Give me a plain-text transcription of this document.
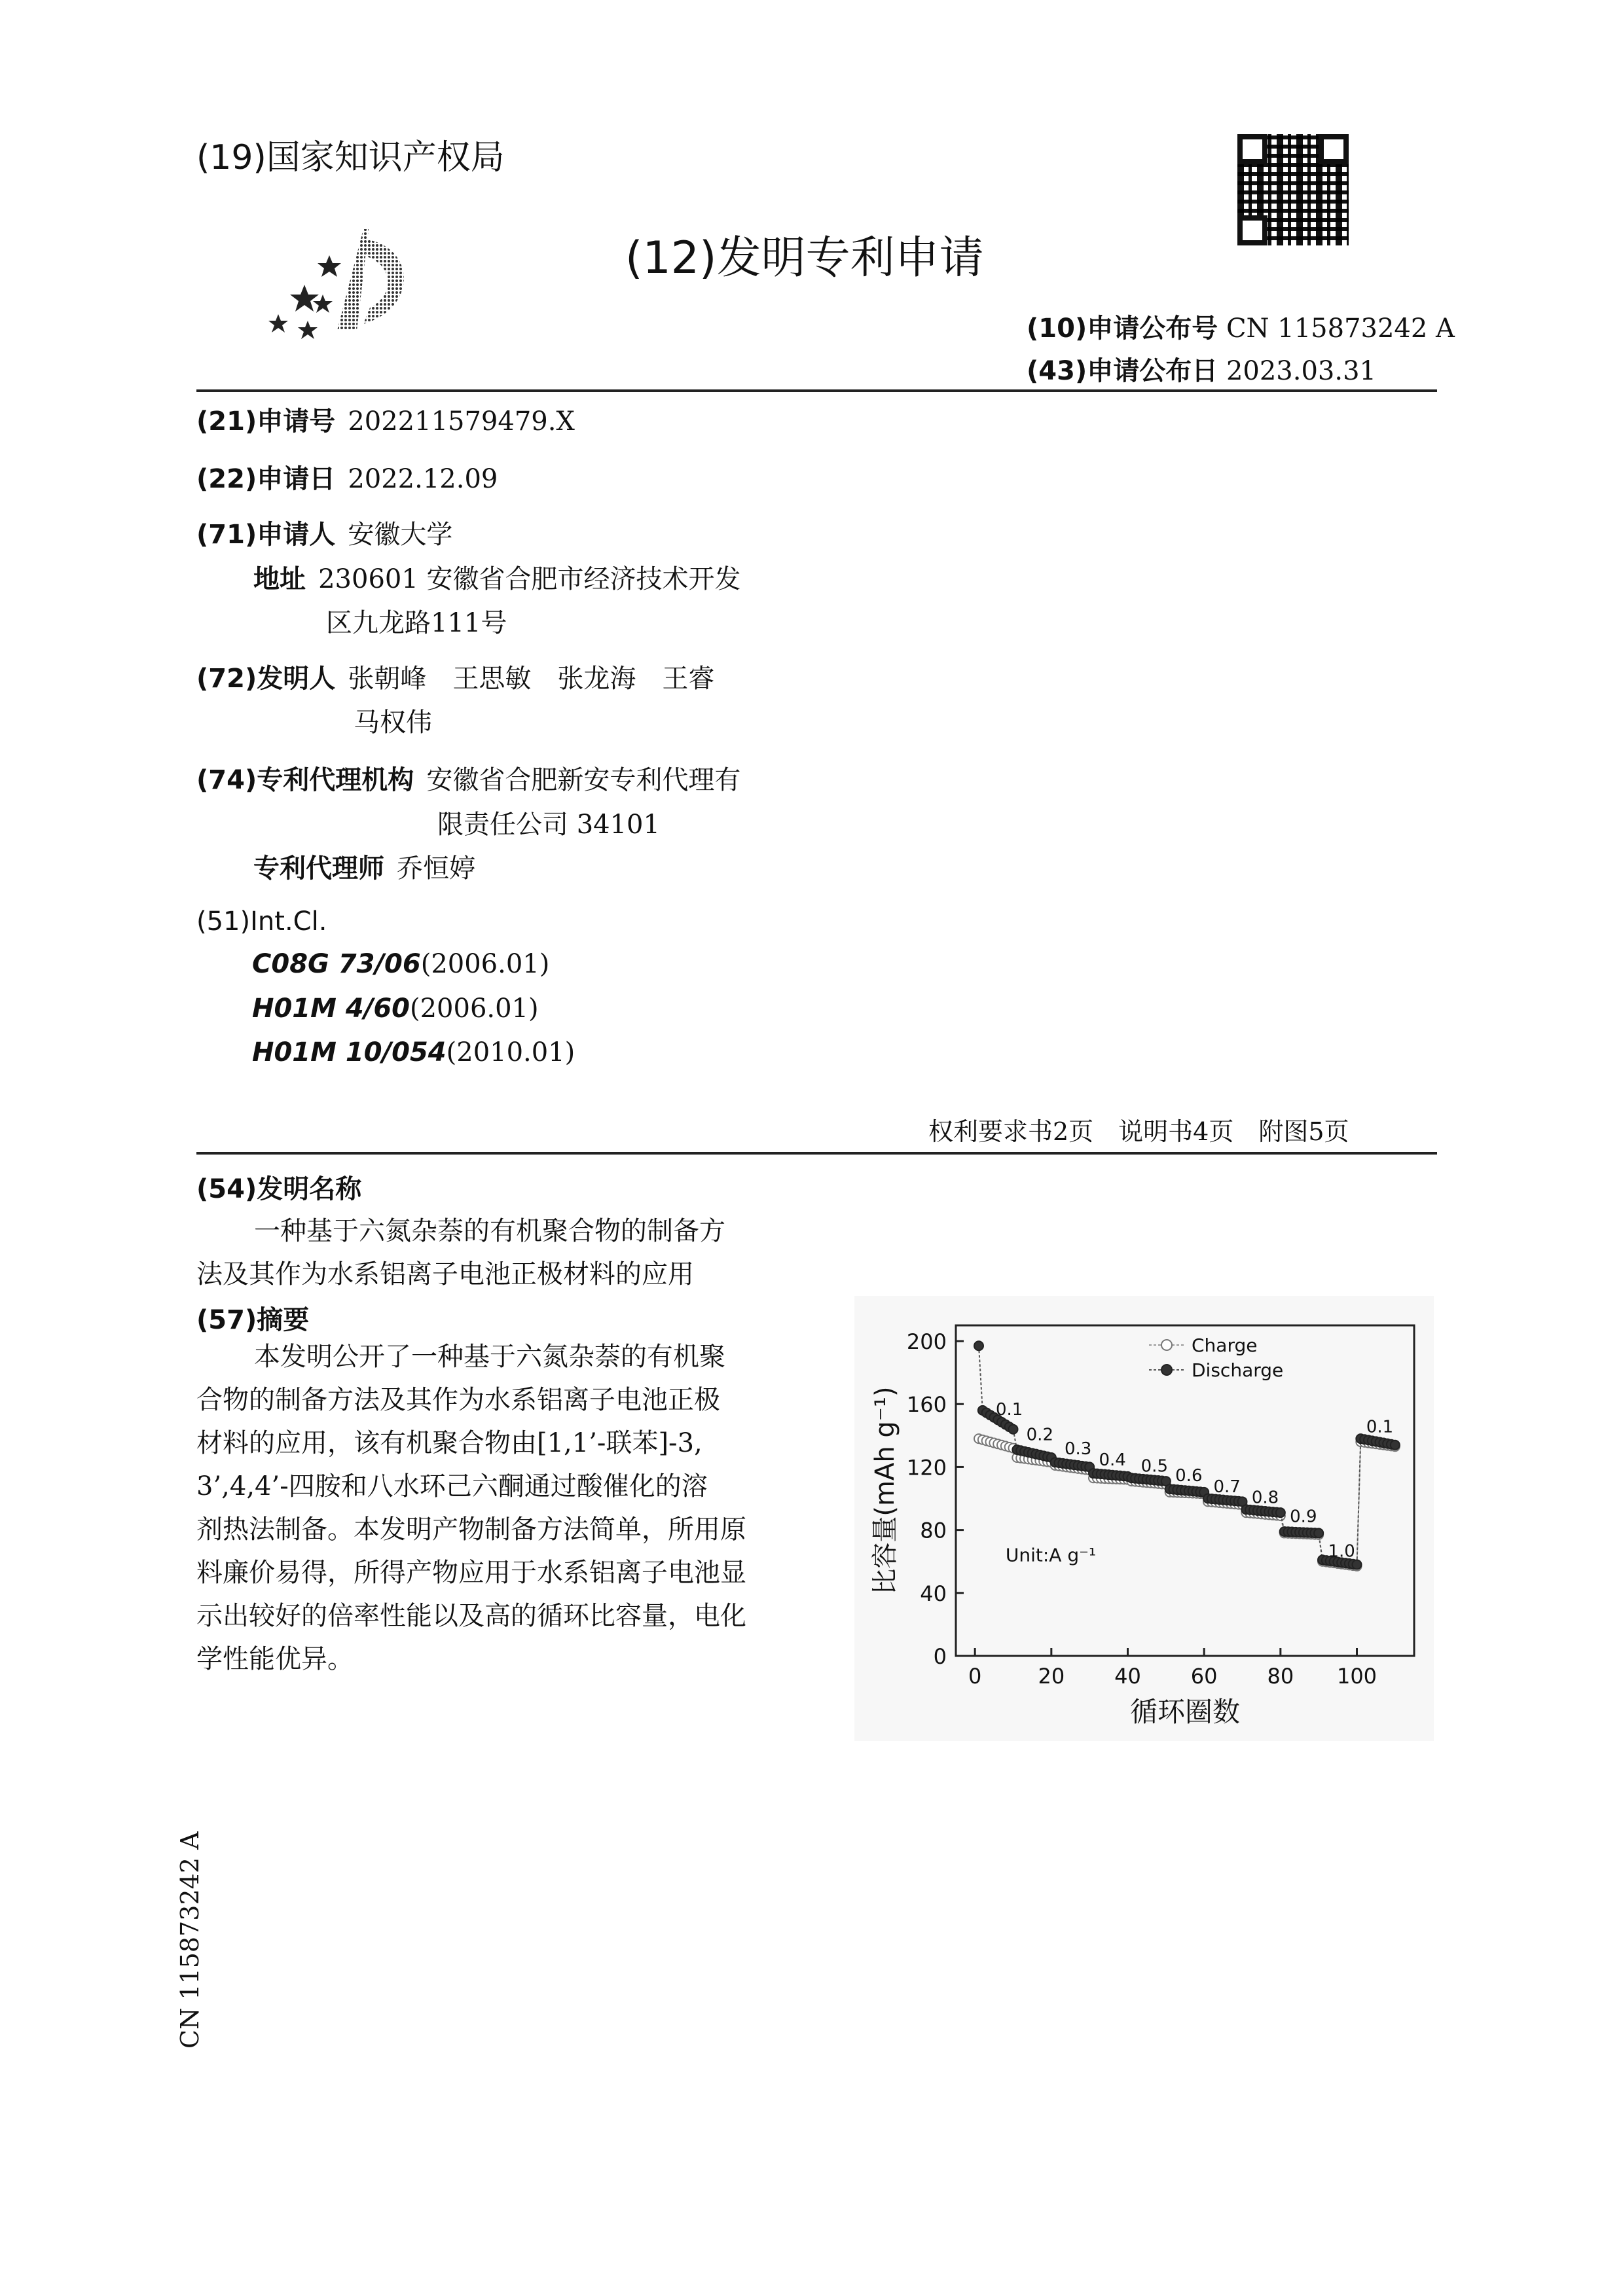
(19)国家知识产权局
(12)发明专利申请
(10)申请公布号 CN 115873242 A
(43)申请公布日 2023.03.31
(21)申请号 202211579479.X
(22)申请日 2022.12.09
(71)申请人 安徽大学
地址 230601 安徽省合肥市经济技术开发
区九龙路111号
(72)发明人 张朝峰　王思敏　张龙海　王睿
马权伟
(74)专利代理机构 安徽省合肥新安专利代理有
限责任公司 34101
专利代理师 乔恒婷
(51)Int.Cl.
C08G 73/06(2006.01)
H01M 4/60(2006.01)
H01M 10/054(2010.01)
权利要求书2页　说明书4页　附图5页
(54)发明名称
一种基于六氮杂萘的有机聚合物的制备方
法及其作为水系铝离子电池正极材料的应用
(57)摘要
本发明公开了一种基于六氮杂萘的有机聚
合物的制备方法及其作为水系铝离子电池正极
材料的应用，该有机聚合物由[1,1’-联苯]-3,
3’,4,4’-四胺和八水环己六酮通过酸催化的溶
剂热法制备。本发明产物制备方法简单，所用原
料廉价易得，所得产物应用于水系铝离子电池显
示出较好的倍率性能以及高的循环比容量，电化
学性能优异。	0
40
80
120
160
200
0	20 40 60 80 100
循环圈数
比容量(mAh g⁻¹)
Charge
Discharge
0.1
0.2
0.3
0.4 0.5 0.6
0.7
0.8
0.9
1.0
0.1
Unit:A g⁻¹
CN 115873242 A
